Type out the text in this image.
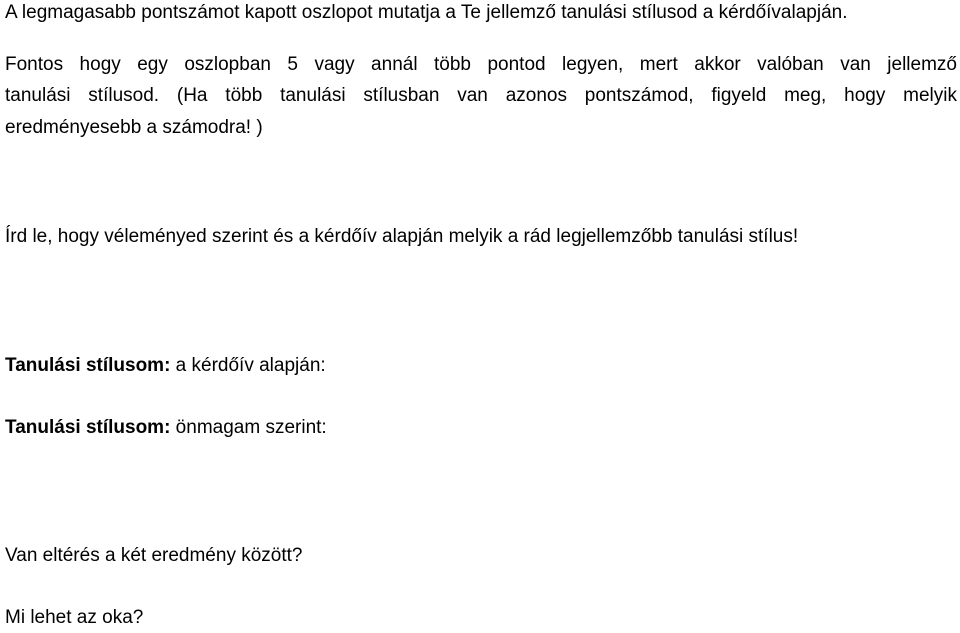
A legmagasabb pontszámot kapott oszlopot mutatja a Te jellemző tanulási stílusod a kérdőívalapján.
Fontos hogy egy oszlopban 5 vagy annál több pontod legyen, mert akkor valóban van jellemző
tanulási stílusod. (Ha több tanulási stílusban van azonos pontszámod, figyeld meg, hogy melyik
eredményesebb a számodra! )
Írd le, hogy véleményed szerint és a kérdőív alapján melyik a rád legjellemzőbb tanulási stílus!
Tanulási stílusom: a kérdőív alapján:
Tanulási stílusom: önmagam szerint:
Van eltérés a két eredmény között?
Mi lehet az oka?
